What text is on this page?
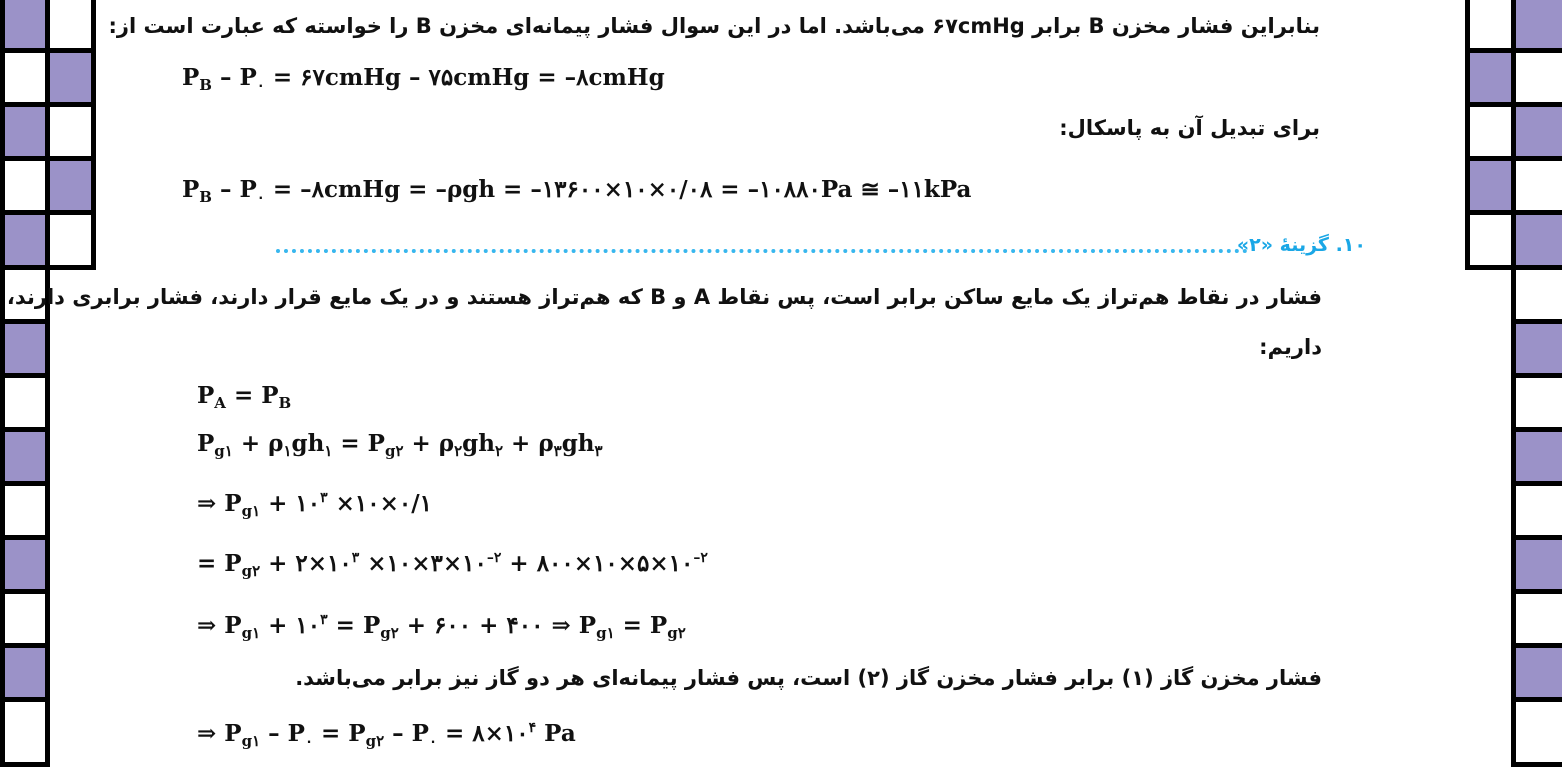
بنابراین فشار مخزن B برابر ۶۷cmHg می‌باشد. اما در این سوال فشار پیمانه‌ای مخزن B را خواسته که عبارت است از:
$P_B - P_۰$ = ۶۷cmHg – ۷۵cmHg = –۸cmHg
برای تبدیل آن به پاسکال:
$P_B - P_۰$ = –۸cmHg = –ρgh = –۱۳۶۰۰×۱۰×۰/۰۸ = –۱۰۸۸۰Pa ≅ –۱۱kPa
۱۰. گزینهٔ «۲»
فشار در نقاط هم‌تراز یک مایع ساکن برابر است، پس نقاط A و B که هم‌تراز هستند و در یک مایع قرار دارند، فشار برابری دارند،
داریم:
$P_A = P_B$
$P_{g۱} + \rho_۱gh_۱ = P_{g۲} + \rho_۲gh_۲ + \rho_۳gh_۳$
⇒ $P_{g۱}$ + $۱۰^۳$ ×۱۰×۰/۱
= $P_{g۲}$ + $۲\times ۱۰^۳$ $\times ۱۰\times ۳\times ۱۰^{-۲}$ + $۸۰۰\times ۱۰\times ۵\times ۱۰^{-۲}$
⇒ $P_{g۱}$ + $۱۰^۳ = P_{g۲}$ + ۶۰۰ + ۴۰۰ ⇒ $P_{g۱} = P_{g۲}$
فشار مخزن گاز (۱) برابر فشار مخزن گاز (۲) است، پس فشار پیمانه‌ای هر دو گاز نیز برابر می‌باشد.
⇒ $P_{g۱} - P_۰ = P_{g۲} - P_۰$ = $۸\times ۱۰^۴$ Pa
